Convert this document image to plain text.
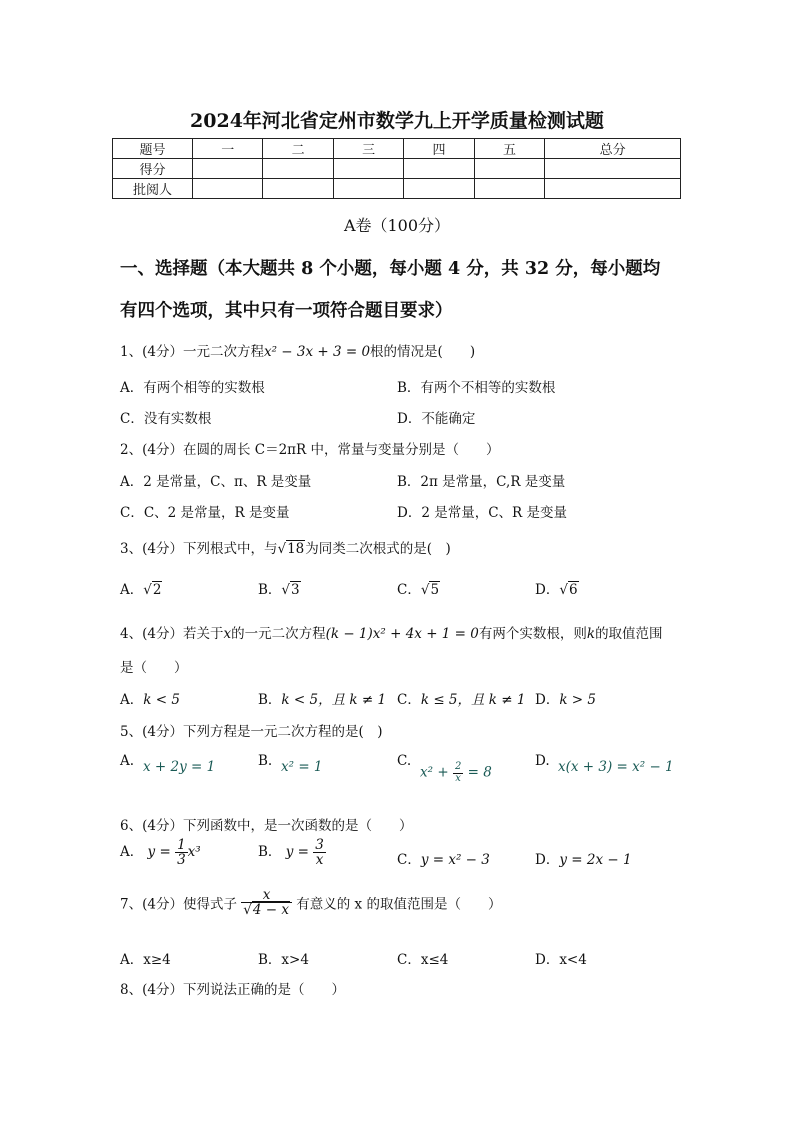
2024年河北省定州市数学九上开学质量检测试题
题号	一	二	三	四	五	总分
得分						
批阅人						
A卷（100分）
一、选择题（本大题共 8 个小题，每小题 4 分，共 32 分，每小题均
有四个选项，其中只有一项符合题目要求）
1、(4分）一元二次方程x² − 3x + 3 = 0根的情况是(　　)
A．有两个相等的实数根	B．有两个不相等的实数根
C．没有实数根	D．不能确定
2、(4分）在圆的周长 C＝2πR 中，常量与变量分别是（　　）
A．2 是常量，C、π、R 是变量	B．2π 是常量，C,R 是变量
C．C、2 是常量，R 是变量	D．2 是常量，C、R 是变量
3、(4分）下列根式中，与√18为同类二次根式的是(　)
A．√2	B．√3	C．√5	D．√6
4、(4分）若关于x的一元二次方程(k − 1)x² + 4x + 1 = 0有两个实数根，则k的取值范围
是（　　）
A．k < 5	B．k < 5，且 k ≠ 1 C．k ≤ 5，且 k ≠ 1 D．k > 5
5、(4分）下列方程是一元二次方程的是(　)
A. x + 2y = 1	B. x² = 1	C.
$x^2 + \frac{2}{x} = 8$
D. x(x + 3) = x² − 1
6、(4分）下列函数中，是一次函数的是（　　）
A． $y = \frac{1}{3} x^3$	B． $y = \frac{3}{x}$	C．y = x² − 3	D．y = 2x − 1
7、(4分）使得式子 $\frac{x}{√4 - x}$ 有意义的 x 的取值范围是（　　）
A．x≥4	B．x>4	C．x≤4	D．x<4
8、(4分）下列说法正确的是（　　）
